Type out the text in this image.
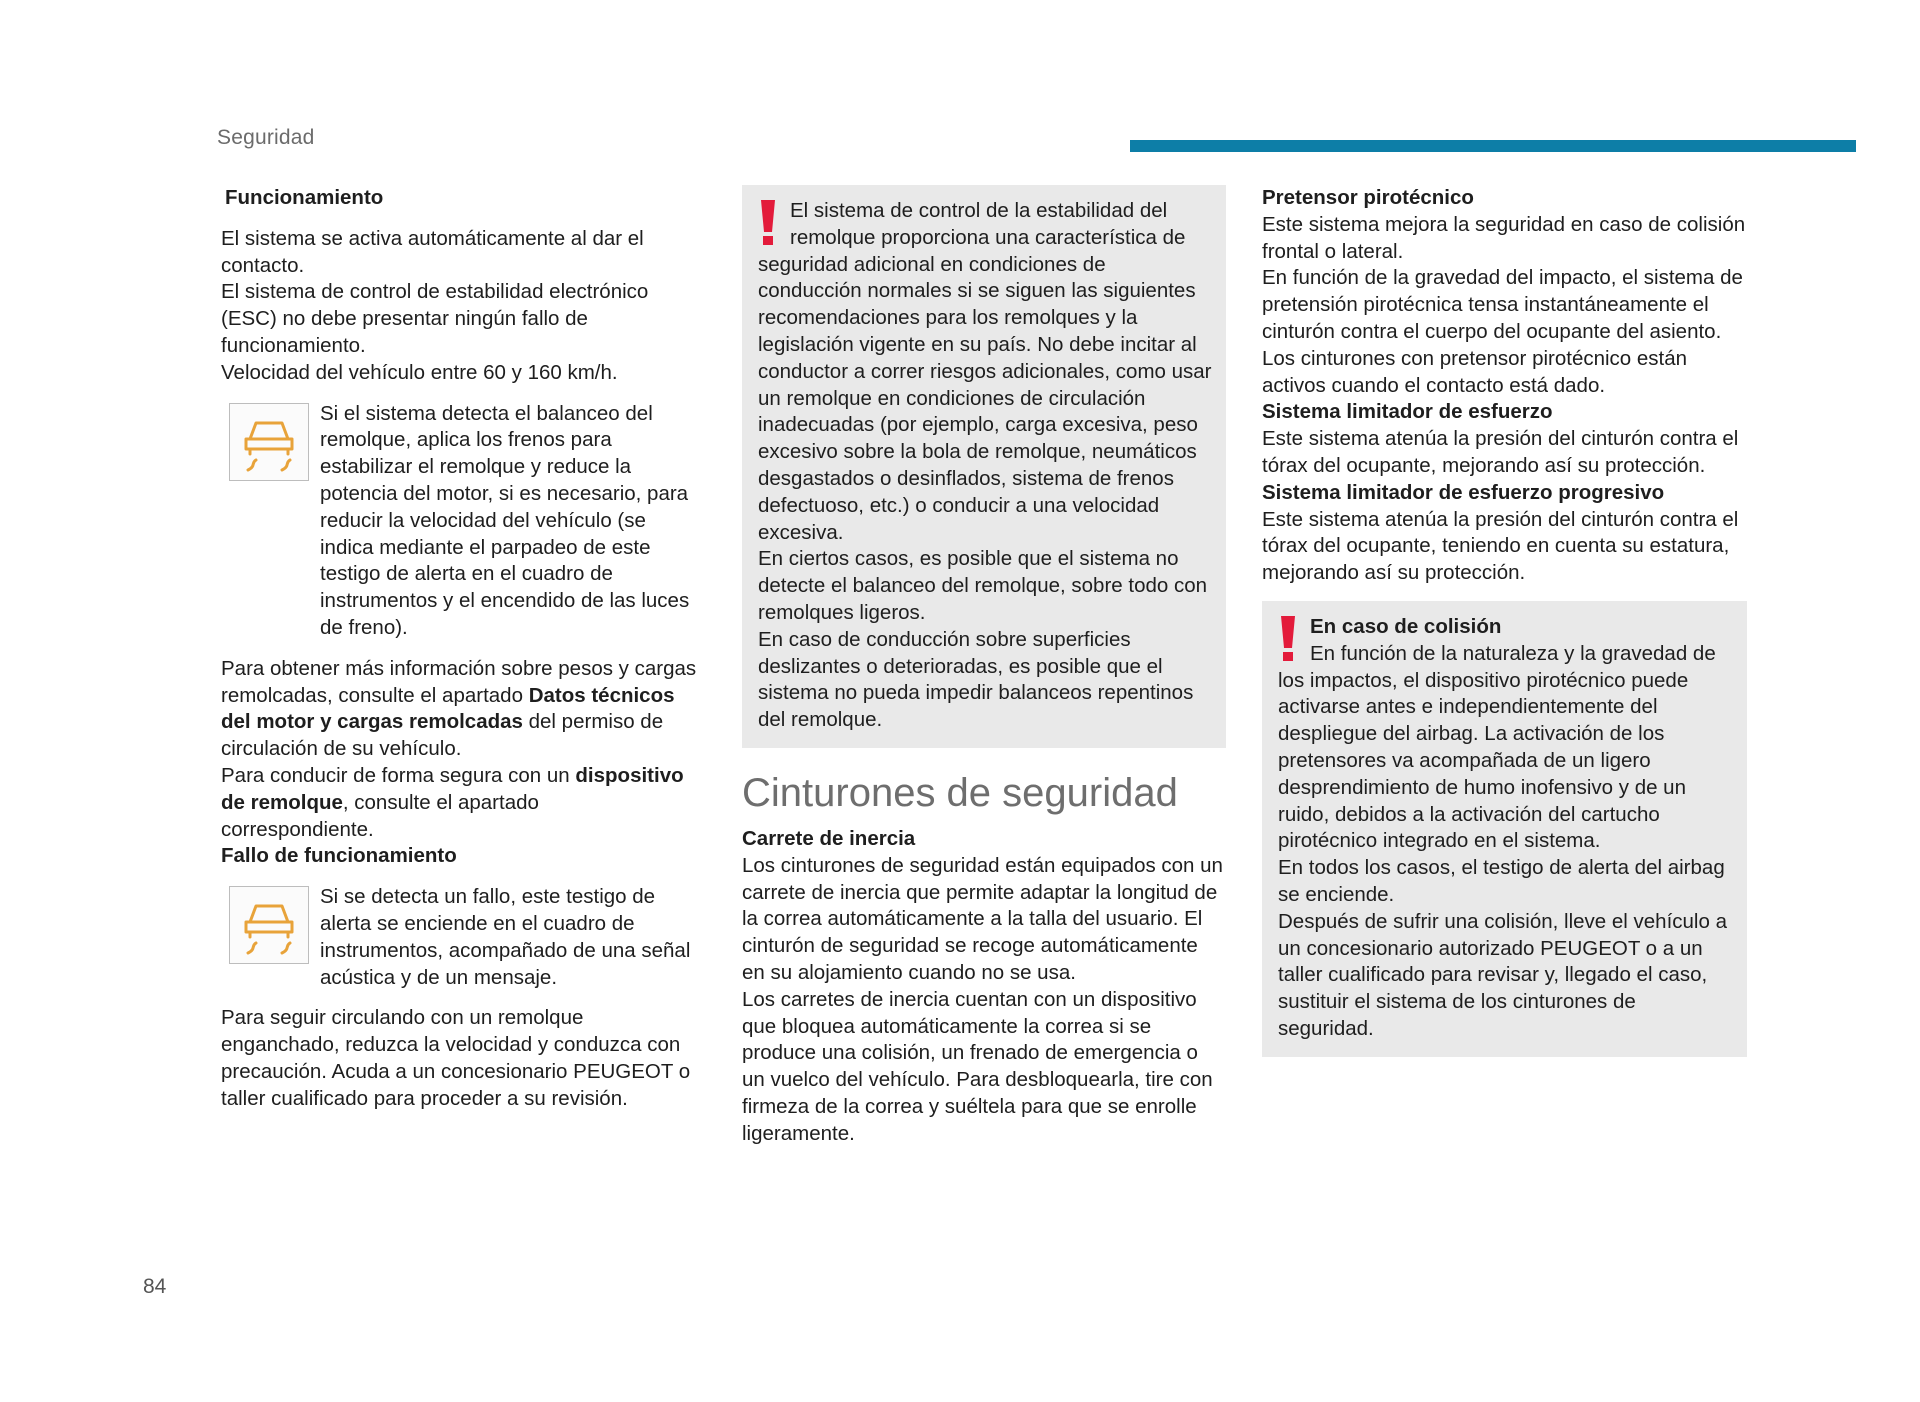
Seguridad

Funcionamiento

El sistema se activa automáticamente al dar el contacto.

El sistema de control de estabilidad electrónico (ESC) no debe presentar ningún fallo de funcionamiento.

Velocidad del vehículo entre 60 y 160 km/h.

Si el sistema detecta el balanceo del remolque, aplica los frenos para estabilizar el remolque y reduce la potencia del motor, si es necesario, para reducir la velocidad del vehículo (se indica mediante el parpadeo de este testigo de alerta en el cuadro de instrumentos y el encendido de las luces de freno).

Para obtener más información sobre pesos y cargas remolcadas, consulte el apartado Datos técnicos del motor y cargas remolcadas del permiso de circulación de su vehículo.

Para conducir de forma segura con un dispositivo de remolque, consulte el apartado correspondiente.

Fallo de funcionamiento

Si se detecta un fallo, este testigo de alerta se enciende en el cuadro de instrumentos, acompañado de una señal acústica y de un mensaje.

Para seguir circulando con un remolque enganchado, reduzca la velocidad y conduzca con precaución. Acuda a un concesionario PEUGEOT o taller cualificado para proceder a su revisión.

El sistema de control de la estabilidad del remolque proporciona una característica de seguridad adicional en condiciones de conducción normales si se siguen las siguientes recomendaciones para los remolques y la legislación vigente en su país. No debe incitar al conductor a correr riesgos adicionales, como usar un remolque en condiciones de circulación inadecuadas (por ejemplo, carga excesiva, peso excesivo sobre la bola de remolque, neumáticos desgastados o desinflados, sistema de frenos defectuoso, etc.) o conducir a una velocidad excesiva.

En ciertos casos, es posible que el sistema no detecte el balanceo del remolque, sobre todo con remolques ligeros.

En caso de conducción sobre superficies deslizantes o deterioradas, es posible que el sistema no pueda impedir balanceos repentinos del remolque.

Cinturones de seguridad

Carrete de inercia

Los cinturones de seguridad están equipados con un carrete de inercia que permite adaptar la longitud de la correa automáticamente a la talla del usuario. El cinturón de seguridad se recoge automáticamente en su alojamiento cuando no se usa.

Los carretes de inercia cuentan con un dispositivo que bloquea automáticamente la correa si se produce una colisión, un frenado de emergencia o un vuelco del vehículo. Para desbloquearla, tire con firmeza de la correa y suéltela para que se enrolle ligeramente.

Pretensor pirotécnico

Este sistema mejora la seguridad en caso de colisión frontal o lateral.

En función de la gravedad del impacto, el sistema de pretensión pirotécnica tensa instantáneamente el cinturón contra el cuerpo del ocupante del asiento.

Los cinturones con pretensor pirotécnico están activos cuando el contacto está dado.

Sistema limitador de esfuerzo

Este sistema atenúa la presión del cinturón contra el tórax del ocupante, mejorando así su protección.

Sistema limitador de esfuerzo progresivo

Este sistema atenúa la presión del cinturón contra el tórax del ocupante, teniendo en cuenta su estatura, mejorando así su protección.

En caso de colisión

En función de la naturaleza y la gravedad de los impactos, el dispositivo pirotécnico puede activarse antes e independientemente del despliegue del airbag. La activación de los pretensores va acompañada de un ligero desprendimiento de humo inofensivo y de un ruido, debidos a la activación del cartucho pirotécnico integrado en el sistema.

En todos los casos, el testigo de alerta del airbag se enciende.

Después de sufrir una colisión, lleve el vehículo a un concesionario autorizado PEUGEOT o a un taller cualificado para revisar y, llegado el caso, sustituir el sistema de los cinturones de seguridad.

84
